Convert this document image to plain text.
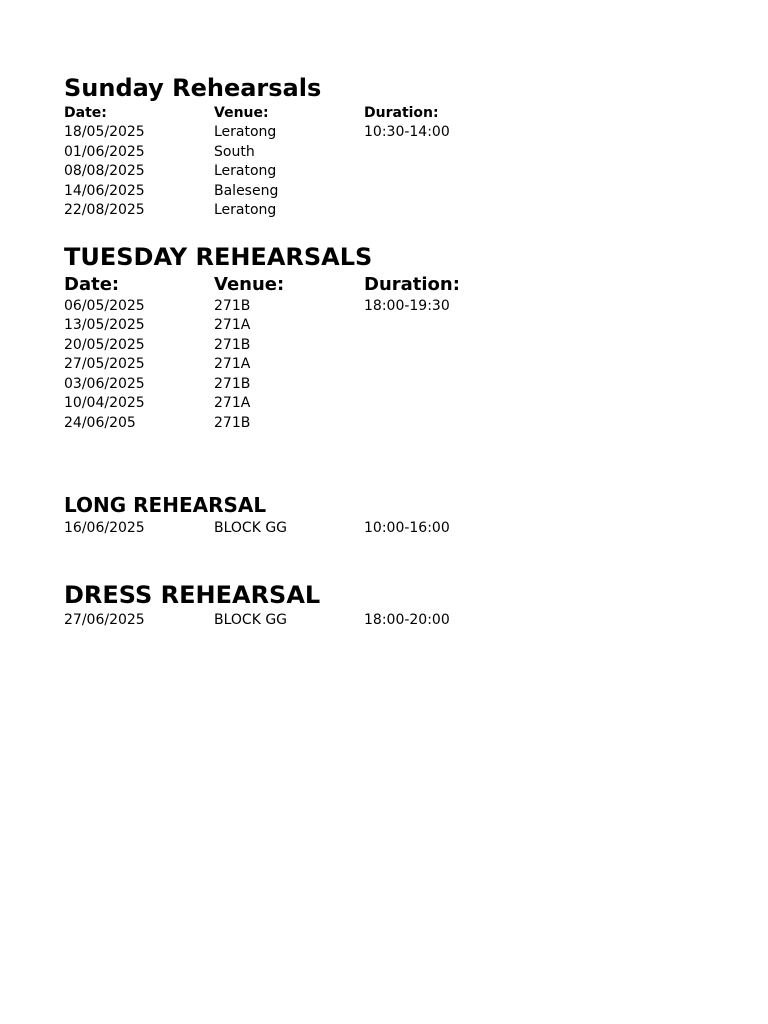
Sunday Rehearsals
Date:	Venue:	Duration:
18/05/2025	Leratong	10:30-14:00
01/06/2025	South
08/08/2025	Leratong
14/06/2025	Baleseng
22/08/2025	Leratong
TUESDAY REHEARSALS
Date:	Venue:	Duration:
06/05/2025	271B	18:00-19:30
13/05/2025	271A
20/05/2025	271B
27/05/2025	271A
03/06/2025	271B
10/04/2025	271A
24/06/205	271B
LONG REHEARSAL
16/06/2025	BLOCK GG	10:00-16:00
DRESS REHEARSAL
27/06/2025	BLOCK GG	18:00-20:00
